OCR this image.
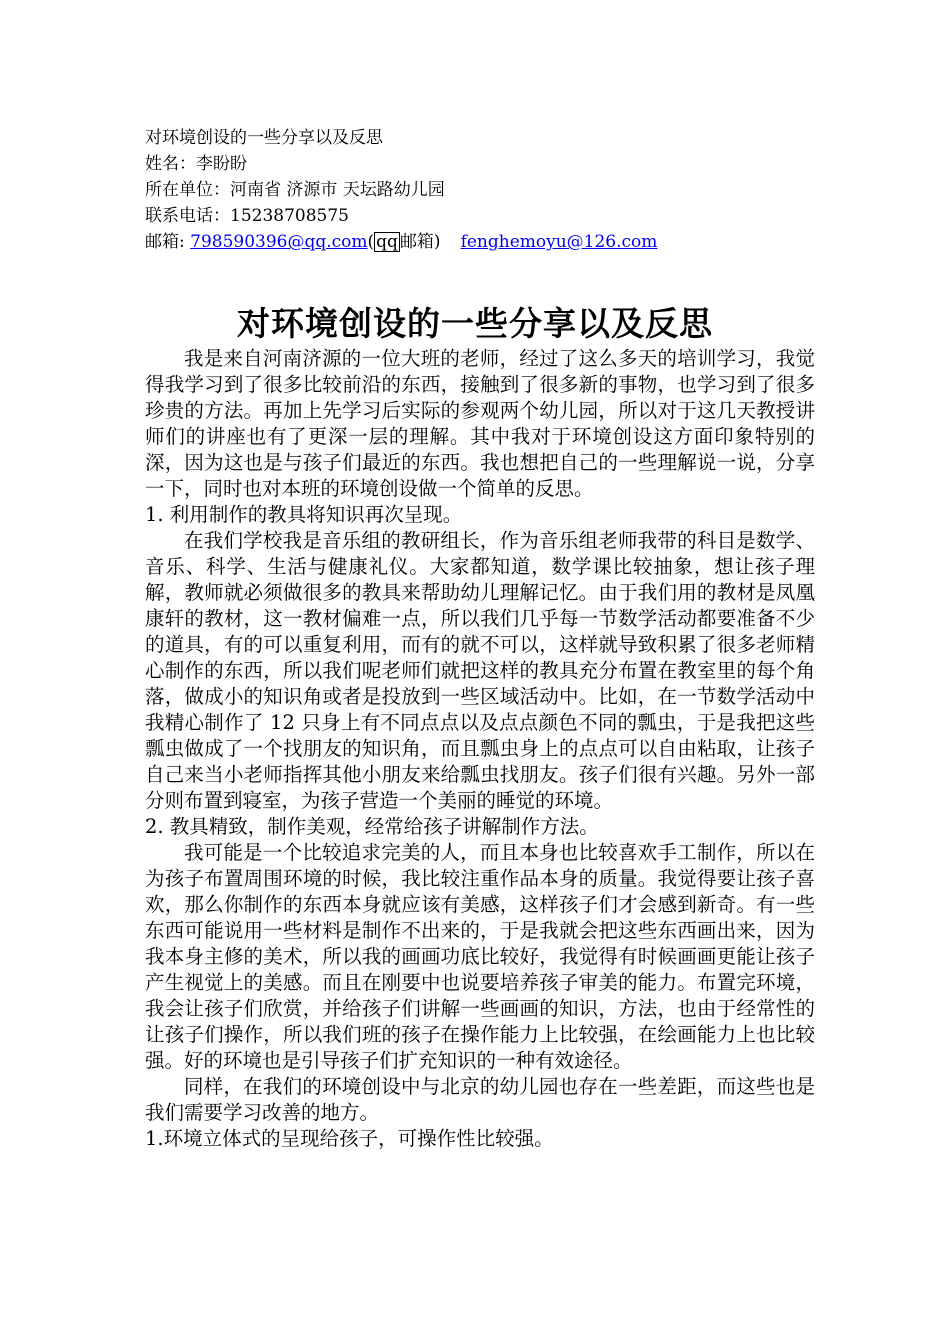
对环境创设的一些分享以及反思
姓名：李盼盼
所在单位：河南省 济源市 天坛路幼儿园
联系电话：15238708575
邮箱: 798590396@qq.com( qq 邮箱) fenghemoyu@126.com
对环境创设的一些分享以及反思

我是来自河南济源的一位大班的老师，经过了这么多天的培训学习，我觉得我学习到了很多比较前沿的东西，接触到了很多新的事物，也学习到了很多珍贵的方法。再加上先学习后实际的参观两个幼儿园，所以对于这几天教授讲师们的讲座也有了更深一层的理解。其中我对于环境创设这方面印象特别的深，因为这也是与孩子们最近的东西。我也想把自己的一些理解说一说，分享一下，同时也对本班的环境创设做一个简单的反思。

1. 利用制作的教具将知识再次呈现。

在我们学校我是音乐组的教研组长，作为音乐组老师我带的科目是数学、音乐、科学、生活与健康礼仪。大家都知道，数学课比较抽象，想让孩子理解，教师就必须做很多的教具来帮助幼儿理解记忆。由于我们用的教材是凤凰康轩的教材，这一教材偏难一点，所以我们几乎每一节数学活动都要准备不少的道具，有的可以重复利用，而有的就不可以，这样就导致积累了很多老师精心制作的东西，所以我们呢老师们就把这样的教具充分布置在教室里的每个角落，做成小的知识角或者是投放到一些区域活动中。比如，在一节数学活动中我精心制作了 12 只身上有不同点点以及点点颜色不同的瓢虫，于是我把这些瓢虫做成了一个找朋友的知识角，而且瓢虫身上的点点可以自由粘取，让孩子自己来当小老师指挥其他小朋友来给瓢虫找朋友。孩子们很有兴趣。另外一部分则布置到寝室，为孩子营造一个美丽的睡觉的环境。

2. 教具精致，制作美观，经常给孩子讲解制作方法。

我可能是一个比较追求完美的人，而且本身也比较喜欢手工制作，所以在为孩子布置周围环境的时候，我比较注重作品本身的质量。我觉得要让孩子喜欢，那么你制作的东西本身就应该有美感，这样孩子们才会感到新奇。有一些东西可能说用一些材料是制作不出来的，于是我就会把这些东西画出来，因为我本身主修的美术，所以我的画画功底比较好，我觉得有时候画画更能让孩子产生视觉上的美感。而且在刚要中也说要培养孩子审美的能力。布置完环境，我会让孩子们欣赏，并给孩子们讲解一些画画的知识，方法，也由于经常性的让孩子们操作，所以我们班的孩子在操作能力上比较强，在绘画能力上也比较强。好的环境也是引导孩子们扩充知识的一种有效途径。

同样，在我们的环境创设中与北京的幼儿园也存在一些差距，而这些也是我们需要学习改善的地方。

1.环境立体式的呈现给孩子，可操作性比较强。
